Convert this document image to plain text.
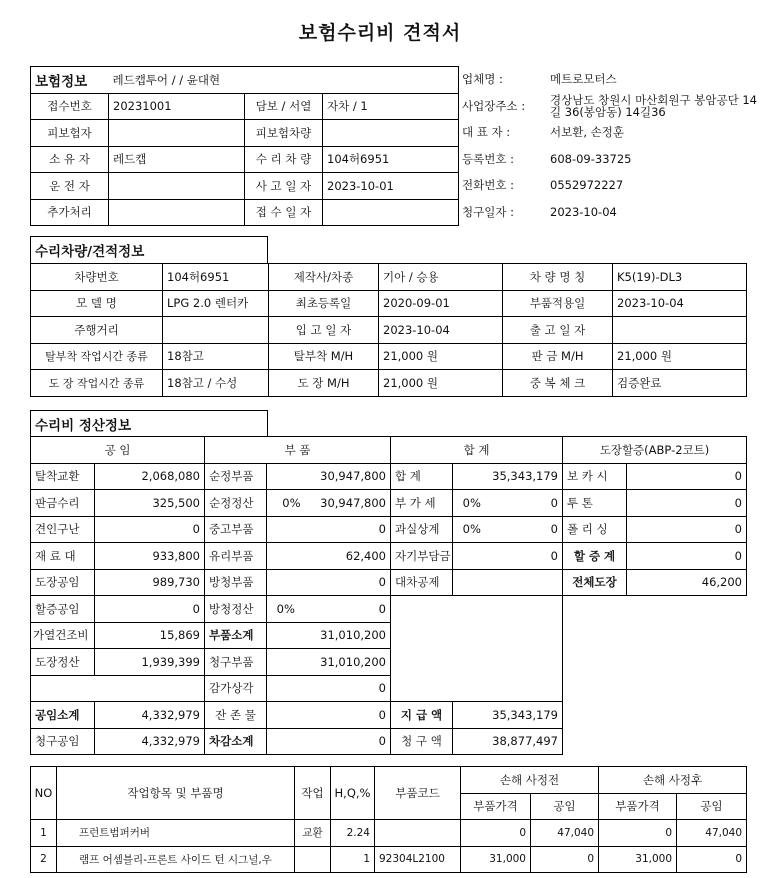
보험수리비 견적서
보험정보	레드캡투어 / / 윤대현		
접수번호	20231001	담보 / 서열	자차 / 1
피보험자		피보험차량	
소 유 자	레드캡	수 리 차 량	104허6951
운 전 자		사 고 일 자	2023-10-01
추가처리		접 수 일 자	
업체명 :	메트로모터스
사업장주소 :	경상남도 창원시 마산회원구 봉암공단 14길 36(봉암동) 14길36
대 표 자 :	서보환, 손정훈
등록번호 :	608-09-33725
전화번호 :	0552972227
청구일자 :	2023-10-04
수리차량/견적정보
차량번호	104허6951	제작사/차종	기아 / 승용	차 량 명 칭	K5(19)-DL3
모 델 명	LPG 2.0 렌터카	최초등록일	2020-09-01	부품적용일	2023-10-04
주행거리		입 고 일 자	2023-10-04	출 고 일 자	
탈부착 작업시간 종류	18참고	탈부착 M/H	21,000 원	판 금 M/H	21,000 원
도 장 작업시간 종류	18참고 / 수성	도 장 M/H	21,000 원	중 복 체 크	검증완료
수리비 정산정보
공 임		부 품			합 계			도장할증(ABP-2코트)	
탈착교환	2,068,080	순정부품	30,947,800		합 계	35,343,179		보 카 시	0
판금수리	325,500	순정정산	0%	30,947,800	부 가 세	0%	0	투 톤	0
견인구난	0	중고부품	0		과실상계	0%	0	폴 리 싱	0
재 료 대	933,800	유리부품	62,400		자기부담금	0		할 증 계	0
도장공임	989,730	방청부품	0		대차공제			전체도장	46,200
할증공임	0	방청정산	0%	0					
가열건조비	15,869	부품소계	31,010,200						
도장정산	1,939,399	청구부품	31,010,200						
		감가상각	0						
공임소계	4,332,979	잔 존 물	0		지 급 액	35,343,179			
청구공임	4,332,979	차감소계	0		청 구 액	38,877,497			
NO	작업항목 및 부품명	작업	H,Q,%	부품코드	손해 사정전		손해 사정후	
					부품가격	공임	부품가격	공임
1	프런트범퍼커버	교환	2.24		0	47,040	0	47,040
2	램프 어셈블리-프론트 사이드 턴 시그널,우		1	92304L2100	31,000	0	31,000	0
